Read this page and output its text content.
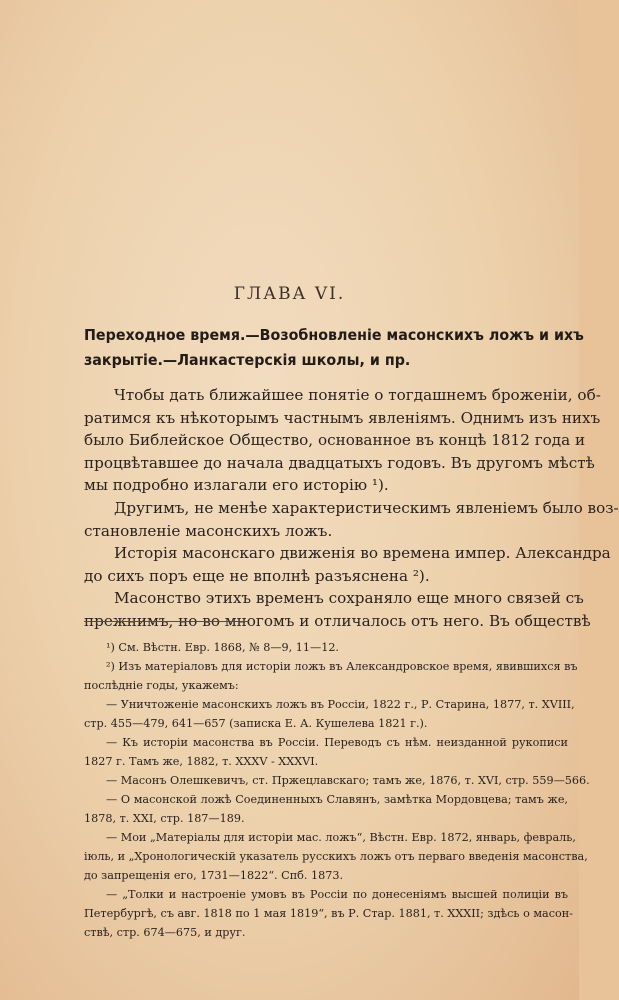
ГЛАВА VI.
Переходное время.—Возобновленіе масонскихъ ложъ и ихъ
закрытіе.—Ланкастерскія школы, и пр.
Чтобы дать ближайшее понятіе о тогдашнемъ броженіи, об-
ратимся къ нѣкоторымъ частнымъ явленіямъ. Однимъ изъ нихъ
было Библейское Общество, основанное въ концѣ 1812 года и
процвѣтавшее до начала двадцатыхъ годовъ. Въ другомъ мѣстѣ
мы подробно излагали его исторію ¹).
Другимъ, не менѣе характеристическимъ явленіемъ было воз-
становленіе масонскихъ ложъ.
Исторія масонскаго движенія во времена импер. Александра
до сихъ поръ еще не вполнѣ разъяснена ²).
Масонство этихъ временъ сохраняло еще много связей съ
прежнимъ, но во многомъ и отличалось отъ него. Въ обществѣ
¹) См. Вѣстн. Евр. 1868, № 8—9, 11—12.
²) Изъ матеріаловъ для исторіи ложъ въ Александровское время, явившихся въ
послѣдніе годы, укажемъ:
— Уничтоженіе масонскихъ ложъ въ Россіи, 1822 г., Р. Старина, 1877, т. XVIII,
стр. 455—479, 641—657 (записка Е. А. Кушелева 1821 г.).
— Къ исторіи масонства въ Россіи. Переводъ съ нѣм. неизданной рукописи
1827 г. Тамъ же, 1882, т. XXXV - XXXVI.
— Масонъ Олешкевичъ, ст. Пржецлавскаго; тамъ же, 1876, т. XVI, стр. 559—566.
— О масонской ложѣ Соединенныхъ Славянъ, замѣтка Мордовцева; тамъ же,
1878, т. XXI, стр. 187—189.
— Мои „Матеріалы для исторіи мас. ложъ“, Вѣстн. Евр. 1872, январь, февраль,
іюль, и „Хронологическій указатель русскихъ ложъ отъ перваго введенія масонства,
до запрещенія его, 1731—1822“. Спб. 1873.
— „Толки и настроеніе умовъ въ Россіи по донесеніямъ высшей полиціи въ
Петербургѣ, съ авг. 1818 по 1 мая 1819“, въ Р. Стар. 1881, т. XXXII; здѣсь о масон-
ствѣ, стр. 674—675, и друг.
